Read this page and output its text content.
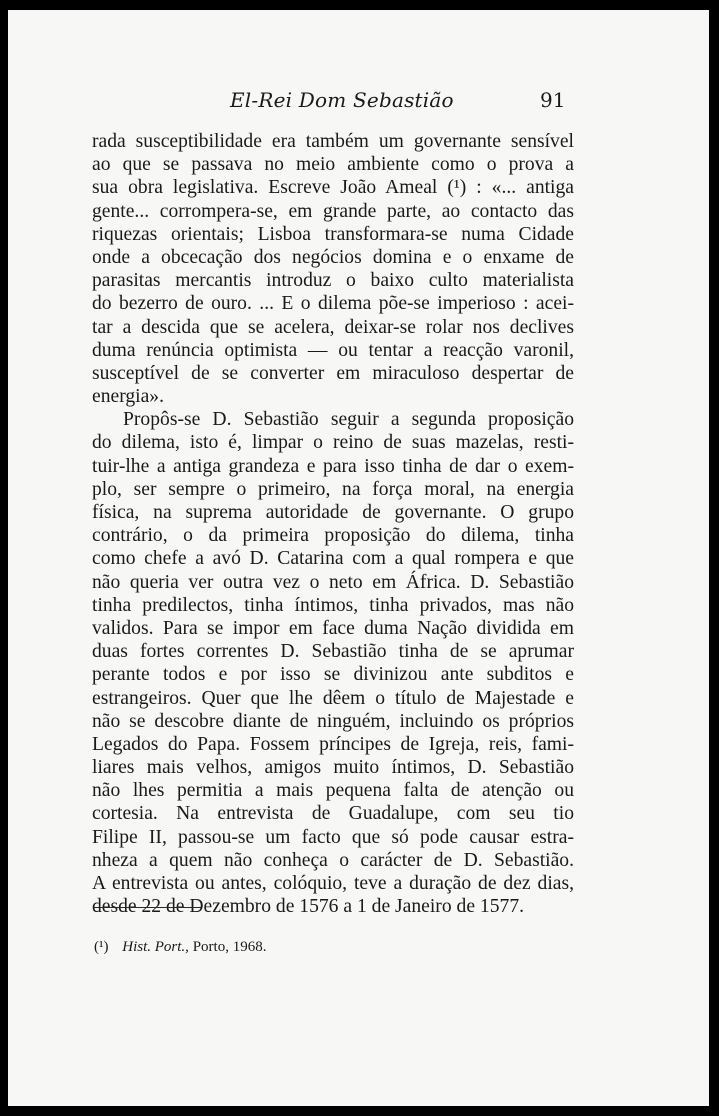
El-Rei Dom Sebastião	91
rada susceptibilidade era também um governante sensível
ao que se passava no meio ambiente como o prova a
sua obra legislativa. Escreve João Ameal (¹) : «... antiga
gente... corrompera-se, em grande parte, ao contacto das
riquezas orientais; Lisboa transformara-se numa Cidade
onde a obcecação dos negócios domina e o enxame de
parasitas mercantis introduz o baixo culto materialista
do bezerro de ouro. ... E o dilema põe-se imperioso : acei-
tar a descida que se acelera, deixar-se rolar nos declives
duma renúncia optimista — ou tentar a reacção varonil,
susceptível de se converter em miraculoso despertar de
energia».
Propôs-se D. Sebastião seguir a segunda proposição
do dilema, isto é, limpar o reino de suas mazelas, resti-
tuir-lhe a antiga grandeza e para isso tinha de dar o exem-
plo, ser sempre o primeiro, na força moral, na energia
física, na suprema autoridade de governante. O grupo
contrário, o da primeira proposição do dilema, tinha
como chefe a avó D. Catarina com a qual rompera e que
não queria ver outra vez o neto em África. D. Sebastião
tinha predilectos, tinha íntimos, tinha privados, mas não
validos. Para se impor em face duma Nação dividida em
duas fortes correntes D. Sebastião tinha de se aprumar
perante todos e por isso se divinizou ante subditos e
estrangeiros. Quer que lhe dêem o título de Majestade e
não se descobre diante de ninguém, incluindo os próprios
Legados do Papa. Fossem príncipes de Igreja, reis, fami-
liares mais velhos, amigos muito íntimos, D. Sebastião
não lhes permitia a mais pequena falta de atenção ou
cortesia. Na entrevista de Guadalupe, com seu tio
Filipe II, passou-se um facto que só pode causar estra-
nheza a quem não conheça o carácter de D. Sebastião.
A entrevista ou antes, colóquio, teve a duração de dez dias,
desde 22 de Dezembro de 1576 a 1 de Janeiro de 1577.
(¹) Hist. Port., Porto, 1968.
